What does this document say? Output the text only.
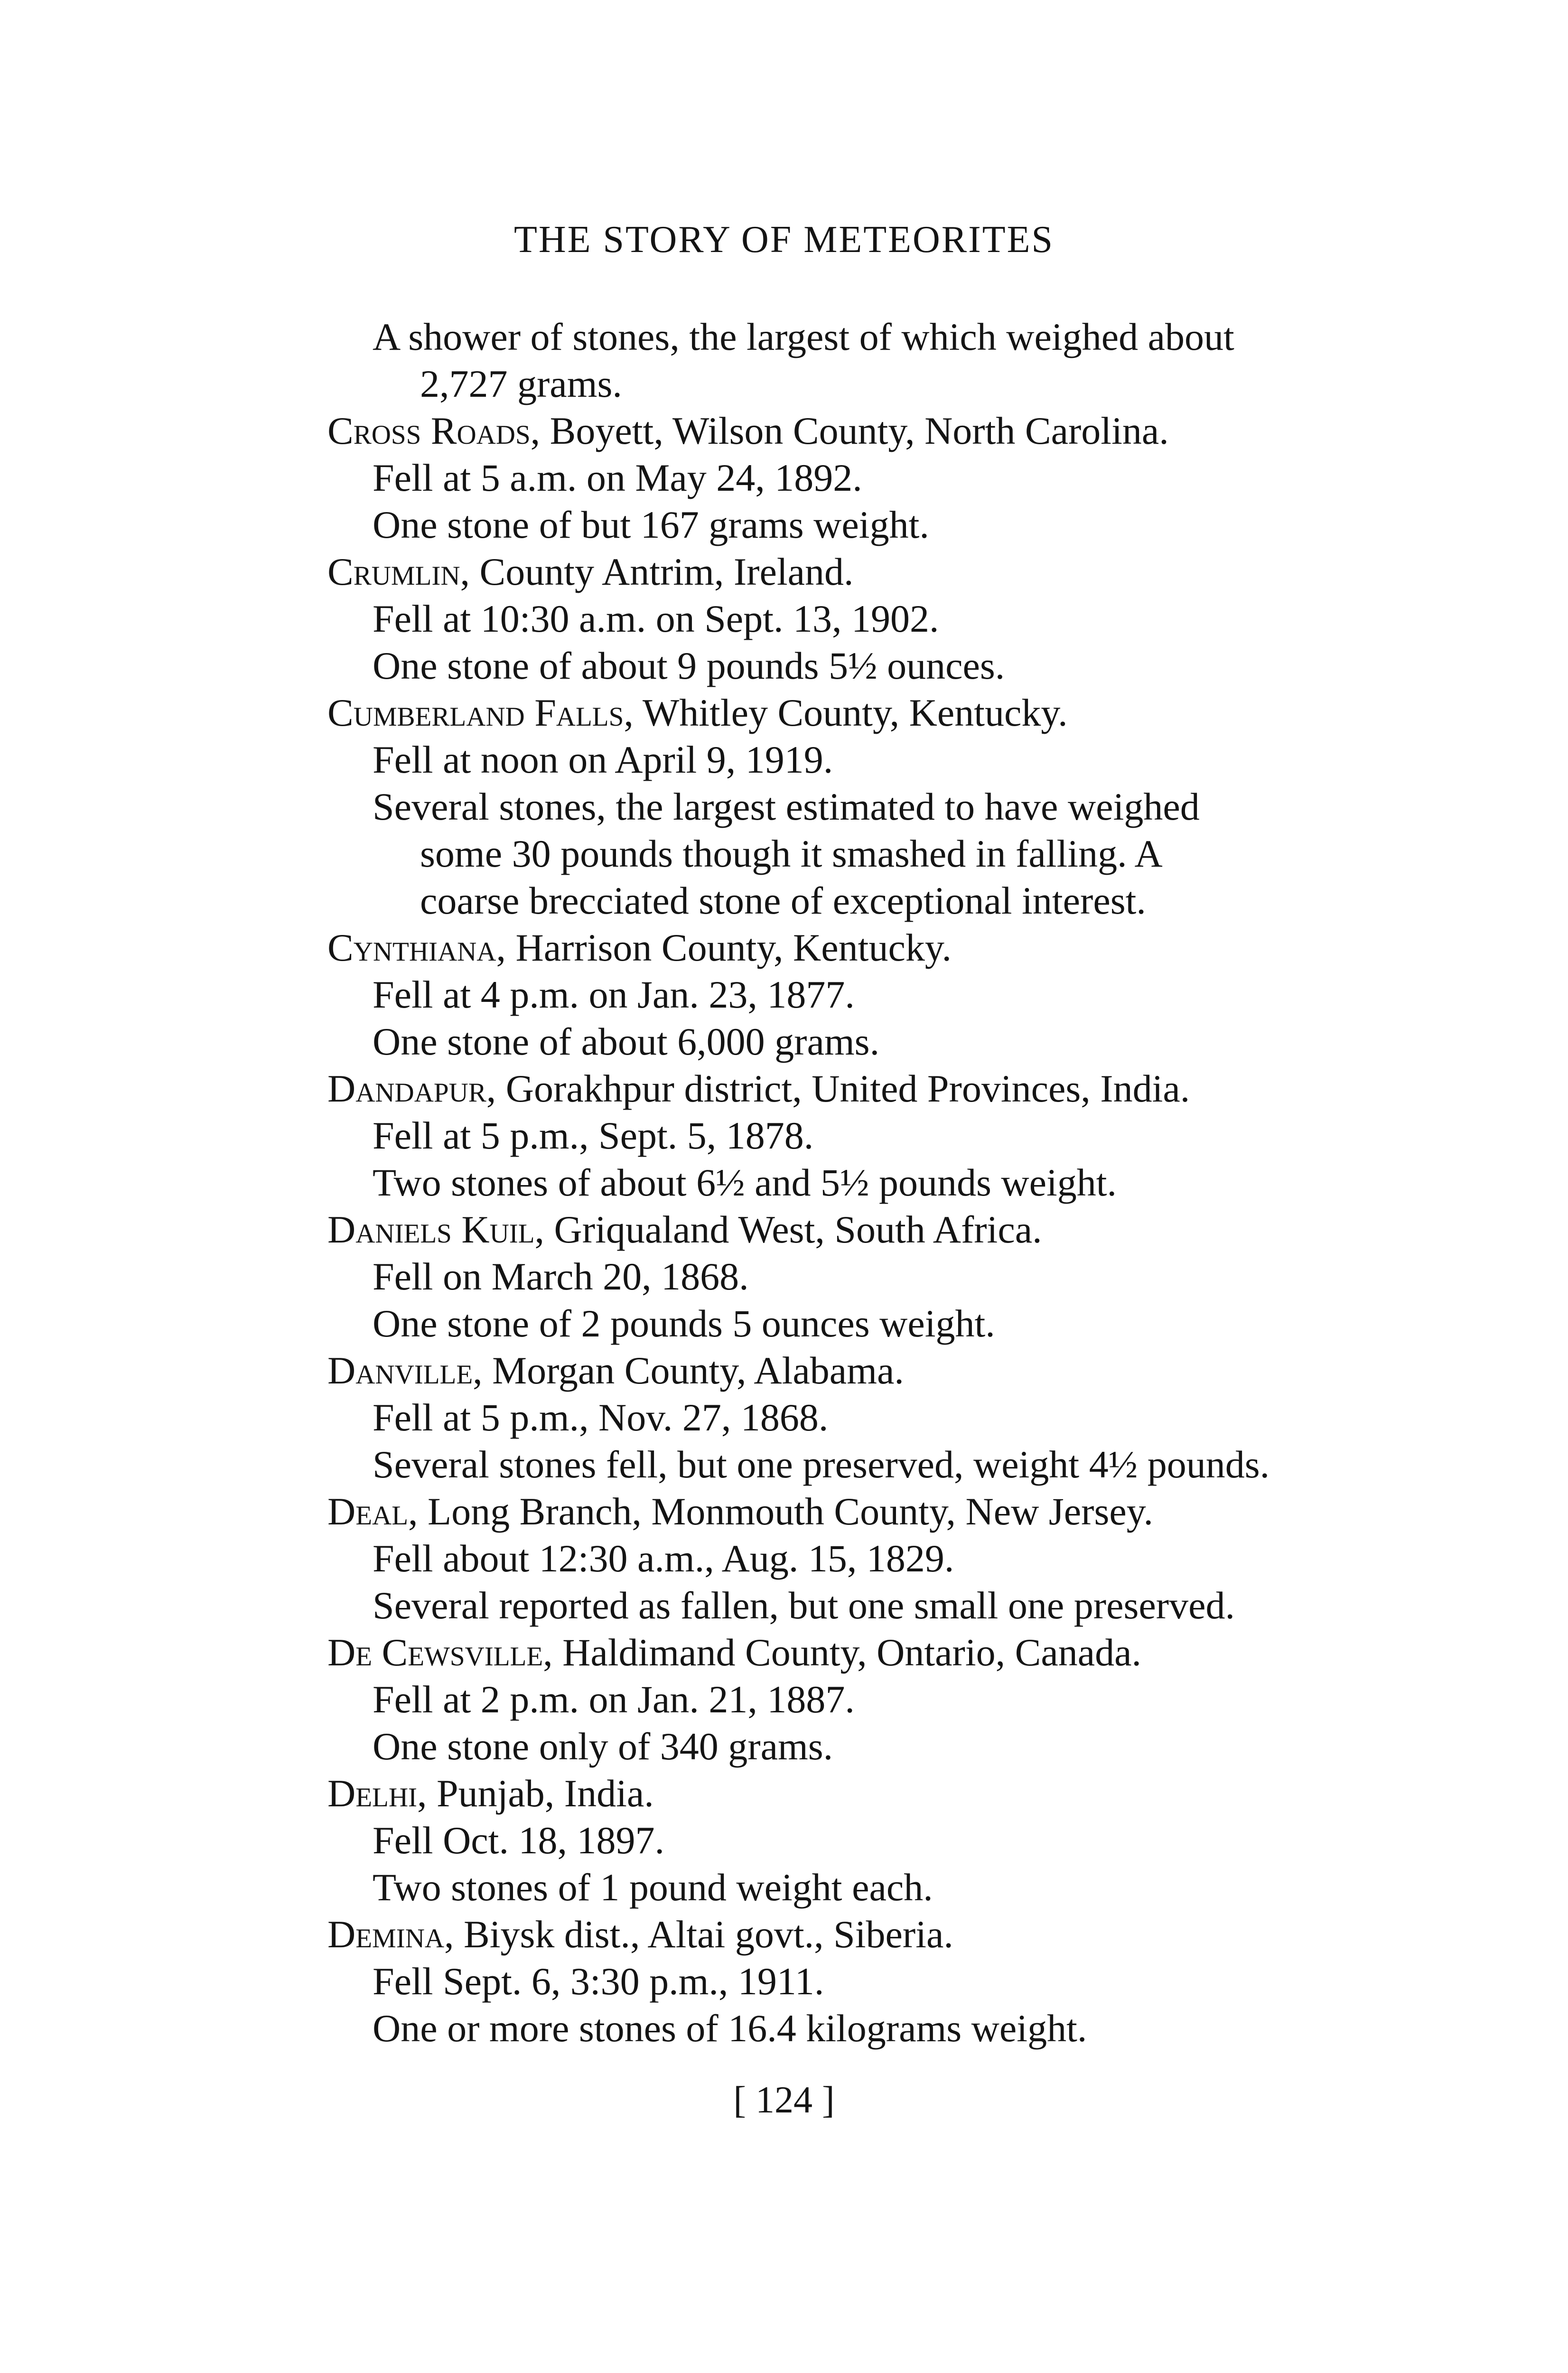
THE STORY OF METEORITES
A shower of stones, the largest of which weighed about
2,727 grams.
Cross Roads, Boyett, Wilson County, North Carolina.
Fell at 5 a.m. on May 24, 1892.
One stone of but 167 grams weight.
Crumlin, County Antrim, Ireland.
Fell at 10:30 a.m. on Sept. 13, 1902.
One stone of about 9 pounds 5½ ounces.
Cumberland Falls, Whitley County, Kentucky.
Fell at noon on April 9, 1919.
Several stones, the largest estimated to have weighed
some 30 pounds though it smashed in falling. A
coarse brecciated stone of exceptional interest.
Cynthiana, Harrison County, Kentucky.
Fell at 4 p.m. on Jan. 23, 1877.
One stone of about 6,000 grams.
Dandapur, Gorakhpur district, United Provinces, India.
Fell at 5 p.m., Sept. 5, 1878.
Two stones of about 6½ and 5½ pounds weight.
Daniels Kuil, Griqualand West, South Africa.
Fell on March 20, 1868.
One stone of 2 pounds 5 ounces weight.
Danville, Morgan County, Alabama.
Fell at 5 p.m., Nov. 27, 1868.
Several stones fell, but one preserved, weight 4½ pounds.
Deal, Long Branch, Monmouth County, New Jersey.
Fell about 12:30 a.m., Aug. 15, 1829.
Several reported as fallen, but one small one preserved.
De Cewsville, Haldimand County, Ontario, Canada.
Fell at 2 p.m. on Jan. 21, 1887.
One stone only of 340 grams.
Delhi, Punjab, India.
Fell Oct. 18, 1897.
Two stones of 1 pound weight each.
Demina, Biysk dist., Altai govt., Siberia.
Fell Sept. 6, 3:30 p.m., 1911.
One or more stones of 16.4 kilograms weight.
[ 124 ]
